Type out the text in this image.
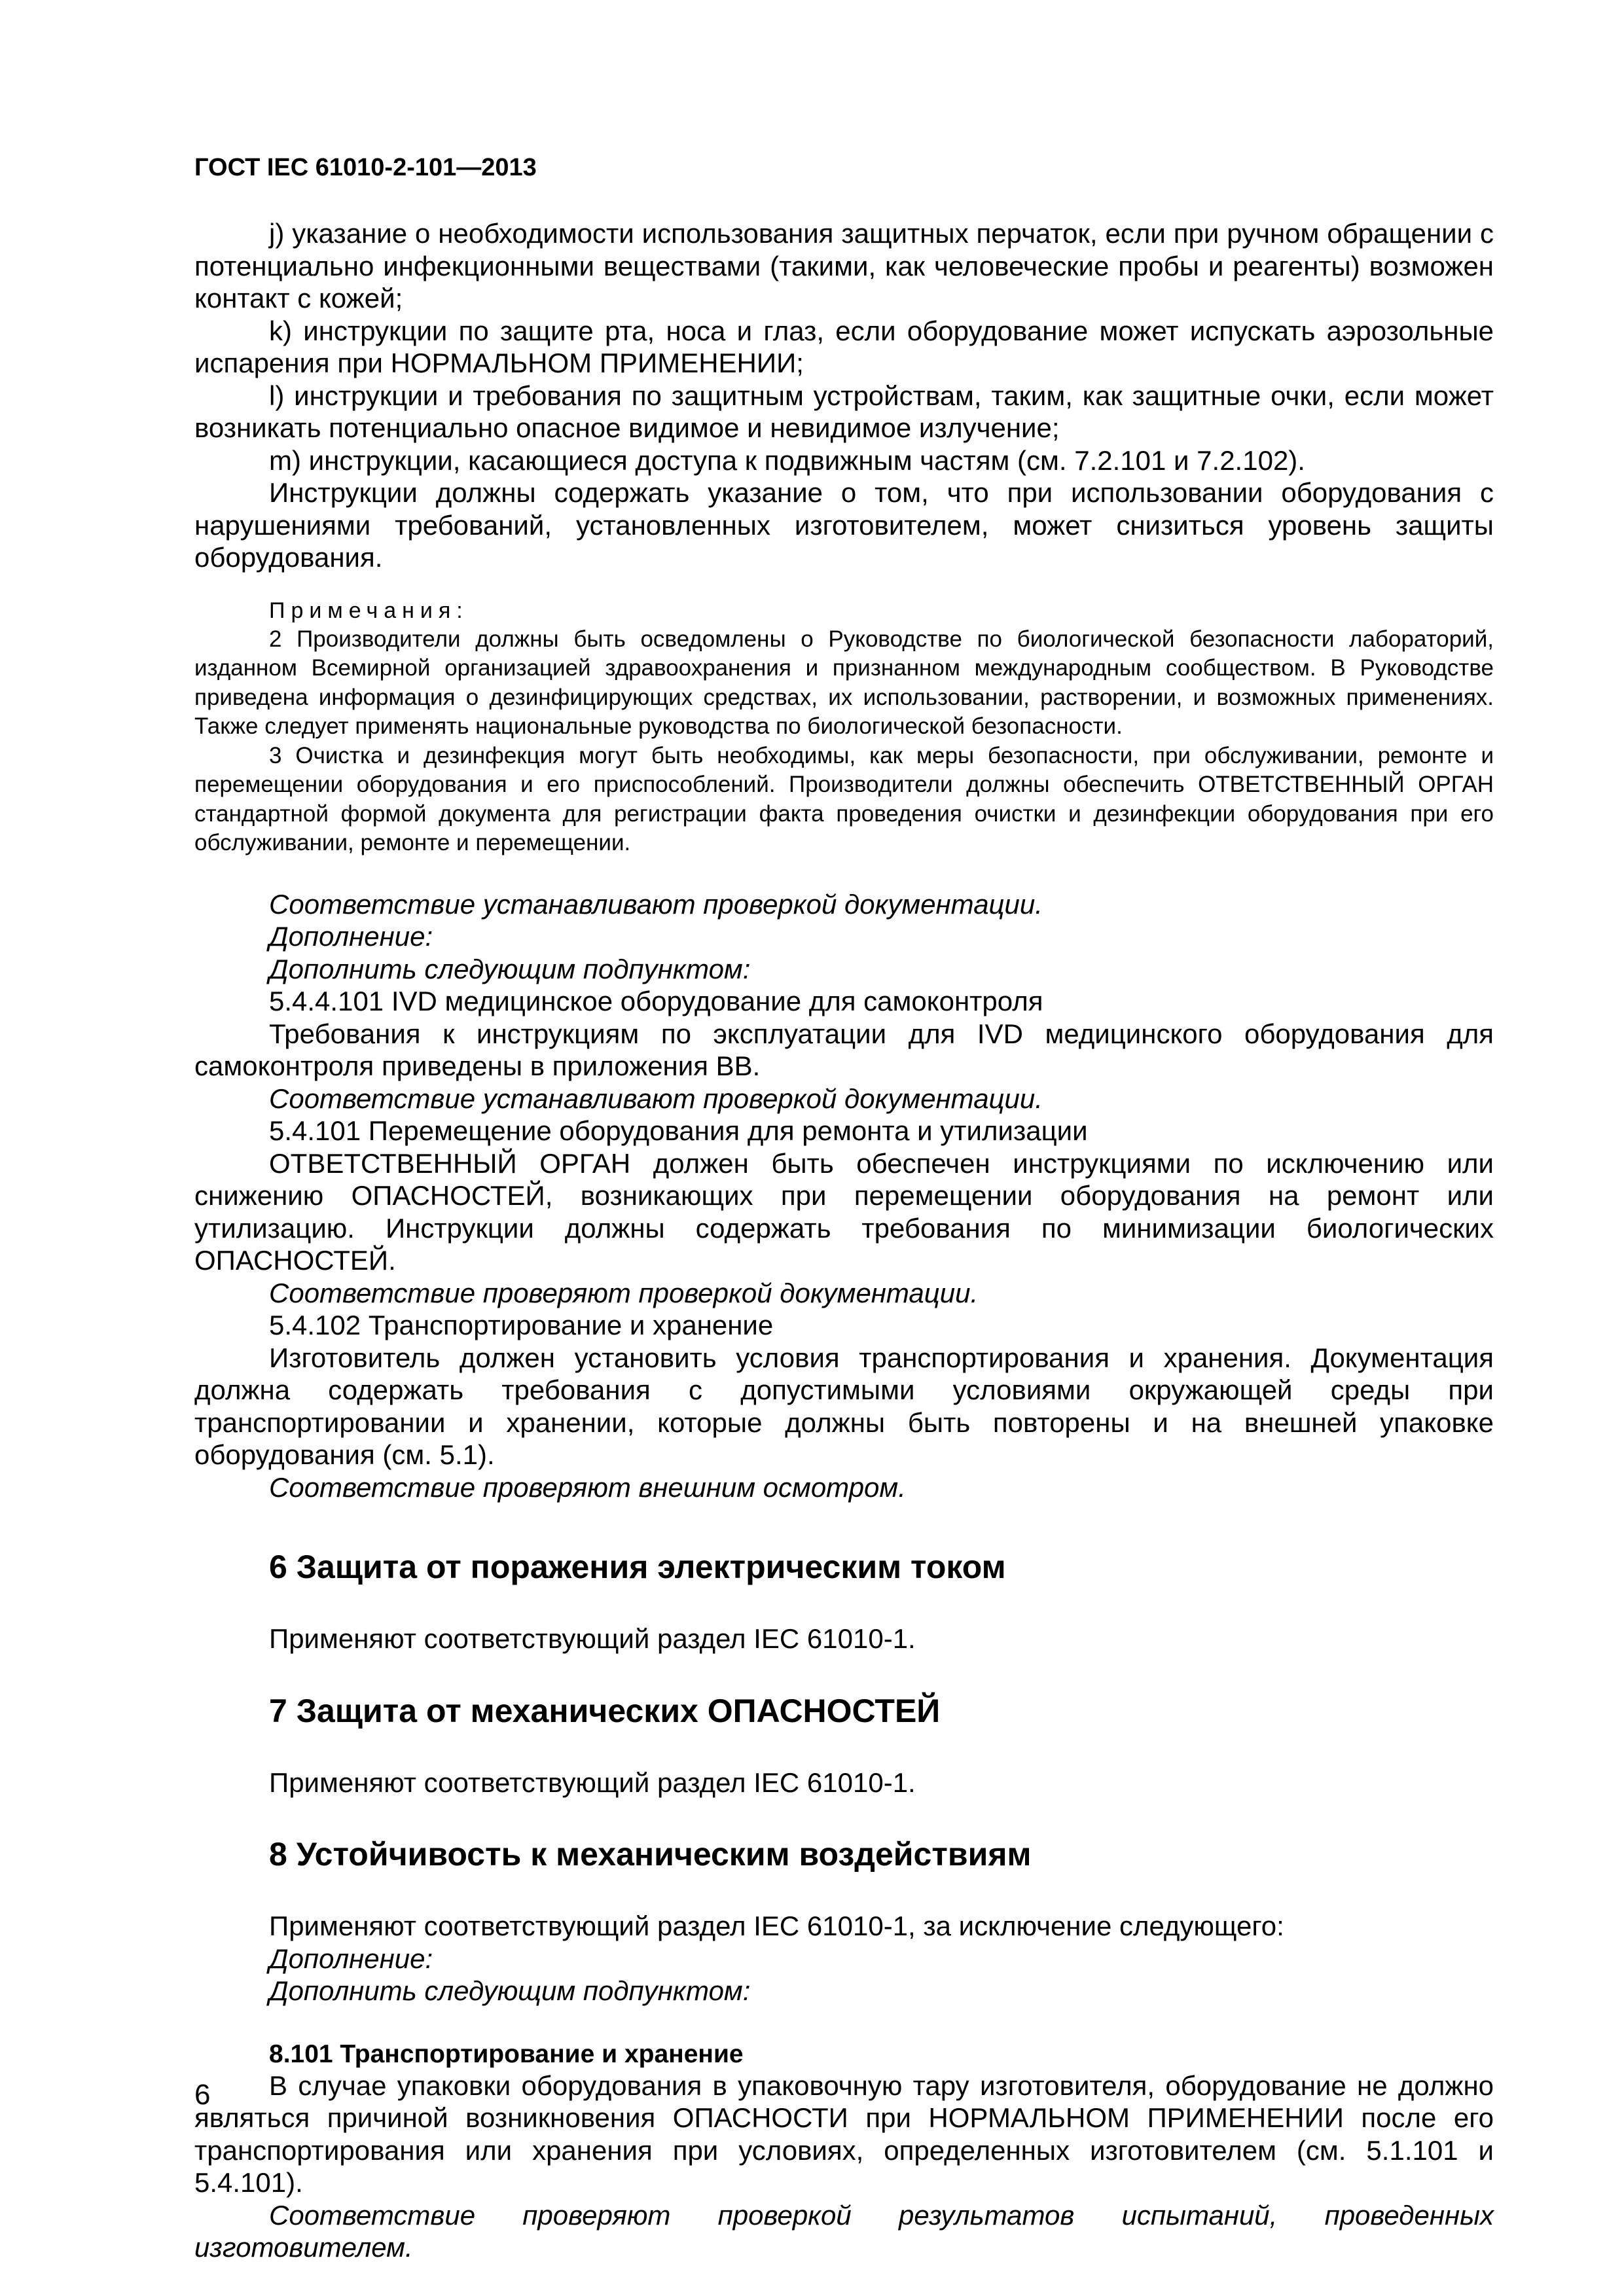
ГОСТ IEC 61010-2-101—2013

j) указание о необходимости использования защитных перчаток, если при ручном обращении с потенциально инфекционными веществами (такими, как человеческие пробы и реагенты) возможен контакт с кожей;

k) инструкции по защите рта, носа и глаз, если оборудование может испускать аэрозольные испарения при НОРМАЛЬНОМ ПРИМЕНЕНИИ;

l) инструкции и требования по защитным устройствам, таким, как защитные очки, если может возникать потенциально опасное видимое и невидимое излучение;

m) инструкции, касающиеся доступа к подвижным частям (см. 7.2.101 и 7.2.102).

Инструкции должны содержать указание о том, что при использовании оборудования с нарушениями требований, установленных изготовителем, может снизиться уровень защиты оборудования.

Примечания:

2 Производители должны быть осведомлены о Руководстве по биологической безопасности лабораторий, изданном Всемирной организацией здравоохранения и признанном международным сообществом. В Руководстве приведена информация о дезинфицирующих средствах, их использовании, растворении, и возможных применениях. Также следует применять национальные руководства по биологической безопасности.

3 Очистка и дезинфекция могут быть необходимы, как меры безопасности, при обслуживании, ремонте и перемещении оборудования и его приспособлений. Производители должны обеспечить ОТВЕТСТВЕННЫЙ ОРГАН стандартной формой документа для регистрации факта проведения очистки и дезинфекции оборудования при его обслуживании, ремонте и перемещении.

Соответствие устанавливают проверкой документации.

Дополнение:

Дополнить следующим подпунктом:

5.4.4.101 IVD медицинское оборудование для самоконтроля

Требования к инструкциям по эксплуатации для IVD медицинского оборудования для самоконтроля приведены в приложения ВВ.

Соответствие устанавливают проверкой документации.

5.4.101 Перемещение оборудования для ремонта и утилизации

ОТВЕТСТВЕННЫЙ ОРГАН должен быть обеспечен инструкциями по исключению или снижению ОПАСНОСТЕЙ, возникающих при перемещении оборудования на ремонт или утилизацию. Инструкции должны содержать требования по минимизации биологических ОПАСНОСТЕЙ.

Соответствие проверяют проверкой документации.

5.4.102 Транспортирование и хранение

Изготовитель должен установить условия транспортирования и хранения. Документация должна содержать требования с допустимыми условиями окружающей среды при транспортировании и хранении, которые должны быть повторены и на внешней упаковке оборудования (см. 5.1).

Соответствие проверяют внешним осмотром.

6 Защита от поражения электрическим током

Применяют соответствующий раздел IEC 61010-1.

7 Защита от механических ОПАСНОСТЕЙ

Применяют соответствующий раздел IEC 61010-1.

8 Устойчивость к механическим воздействиям

Применяют соответствующий раздел IEC 61010-1, за исключение следующего:

Дополнение:

Дополнить следующим подпунктом:

8.101 Транспортирование и хранение

В случае упаковки оборудования в упаковочную тару изготовителя, оборудование не должно являться причиной возникновения ОПАСНОСТИ при НОРМАЛЬНОМ ПРИМЕНЕНИИ после его транспортирования или хранения при условиях, определенных изготовителем (см. 5.1.101 и 5.4.101).

Соответствие проверяют проверкой результатов испытаний, проведенных изготовителем.

6
